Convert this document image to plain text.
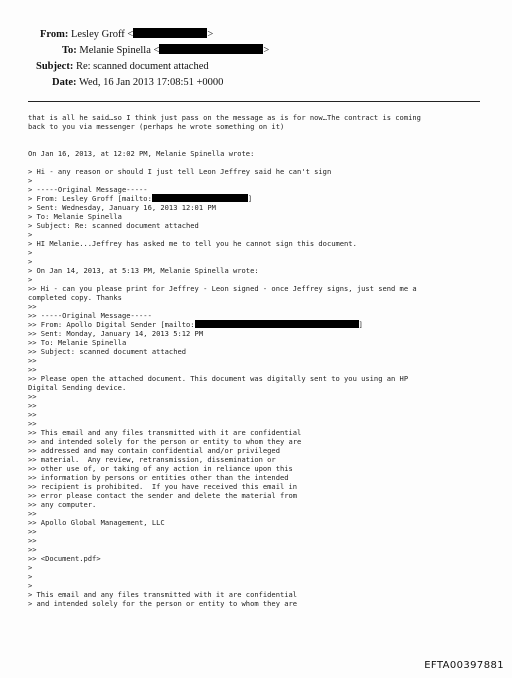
From: Lesley Groff <	>
To: Melanie Spinella <	>
Subject: Re: scanned document attached
Date: Wed, 16 Jan 2013 17:08:51 +0000
that is all he said…so I think just pass on the message as is for now…The contract is coming
back to you via messenger (perhaps he wrote something on it)
On Jan 16, 2013, at 12:02 PM, Melanie Spinella wrote:
> Hi - any reason or should I just tell Leon Jeffrey said he can't sign
>
> -----Original Message-----
> From: Lesley Groff [mailto:	]
> Sent: Wednesday, January 16, 2013 12:01 PM
> To: Melanie Spinella
> Subject: Re: scanned document attached
>
> HI Melanie...Jeffrey has asked me to tell you he cannot sign this document.
>
>
> On Jan 14, 2013, at 5:13 PM, Melanie Spinella wrote:
>
>> Hi - can you please print for Jeffrey - Leon signed - once Jeffrey signs, just send me a
completed copy. Thanks
>>
>> -----Original Message-----
>> From: Apollo Digital Sender [mailto:	]
>> Sent: Monday, January 14, 2013 5:12 PM
>> To: Melanie Spinella
>> Subject: scanned document attached
>>
>>
>> Please open the attached document. This document was digitally sent to you using an HP
Digital Sending device.
>>
>>
>>
>>
>> This email and any files transmitted with it are confidential
>> and intended solely for the person or entity to whom they are
>> addressed and may contain confidential and/or privileged
>> material.  Any review, retransmission, dissemination or
>> other use of, or taking of any action in reliance upon this
>> information by persons or entities other than the intended
>> recipient is prohibited.  If you have received this email in
>> error please contact the sender and delete the material from
>> any computer.
>>
>> Apollo Global Management, LLC
>>
>>
>>
>> <Document.pdf>
>
>
>
> This email and any files transmitted with it are confidential
> and intended solely for the person or entity to whom they are
EFTA00397881
